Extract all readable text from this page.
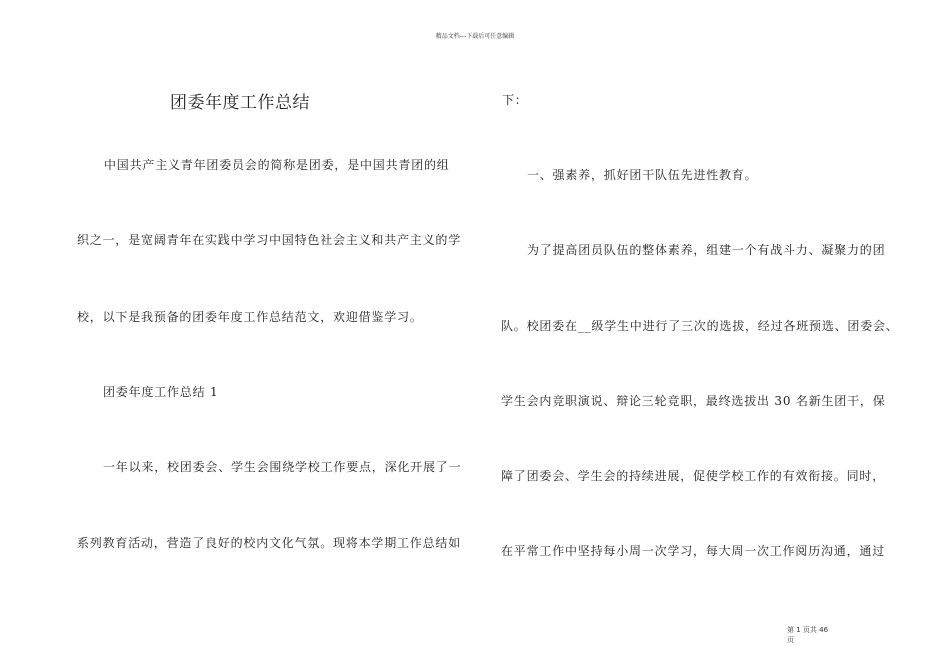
精品文档---下载后可任意编辑
团委年度工作总结
中国共产主义青年团委员会的简称是团委，是中国共青团的组
织之一，是宽阔青年在实践中学习中国特色社会主义和共产主义的学
校，以下是我预备的团委年度工作总结范文，欢迎借鉴学习。
团委年度工作总结 1
一年以来，校团委会、学生会围绕学校工作要点，深化开展了一
系列教育活动，营造了良好的校内文化气氛。现将本学期工作总结如
下：
一、强素养，抓好团干队伍先进性教育。
为了提高团员队伍的整体素养，组建一个有战斗力、凝聚力的团
队。校团委在__级学生中进行了三次的选拔，经过各班预选、团委会、
学生会内竞职演说、辩论三轮竞职，最终选拔出 30 名新生团干，保
障了团委会、学生会的持续进展，促使学校工作的有效衔接。同时，
在平常工作中坚持每小周一次学习，每大周一次工作阅历沟通，通过
第 1 页共 46 页
